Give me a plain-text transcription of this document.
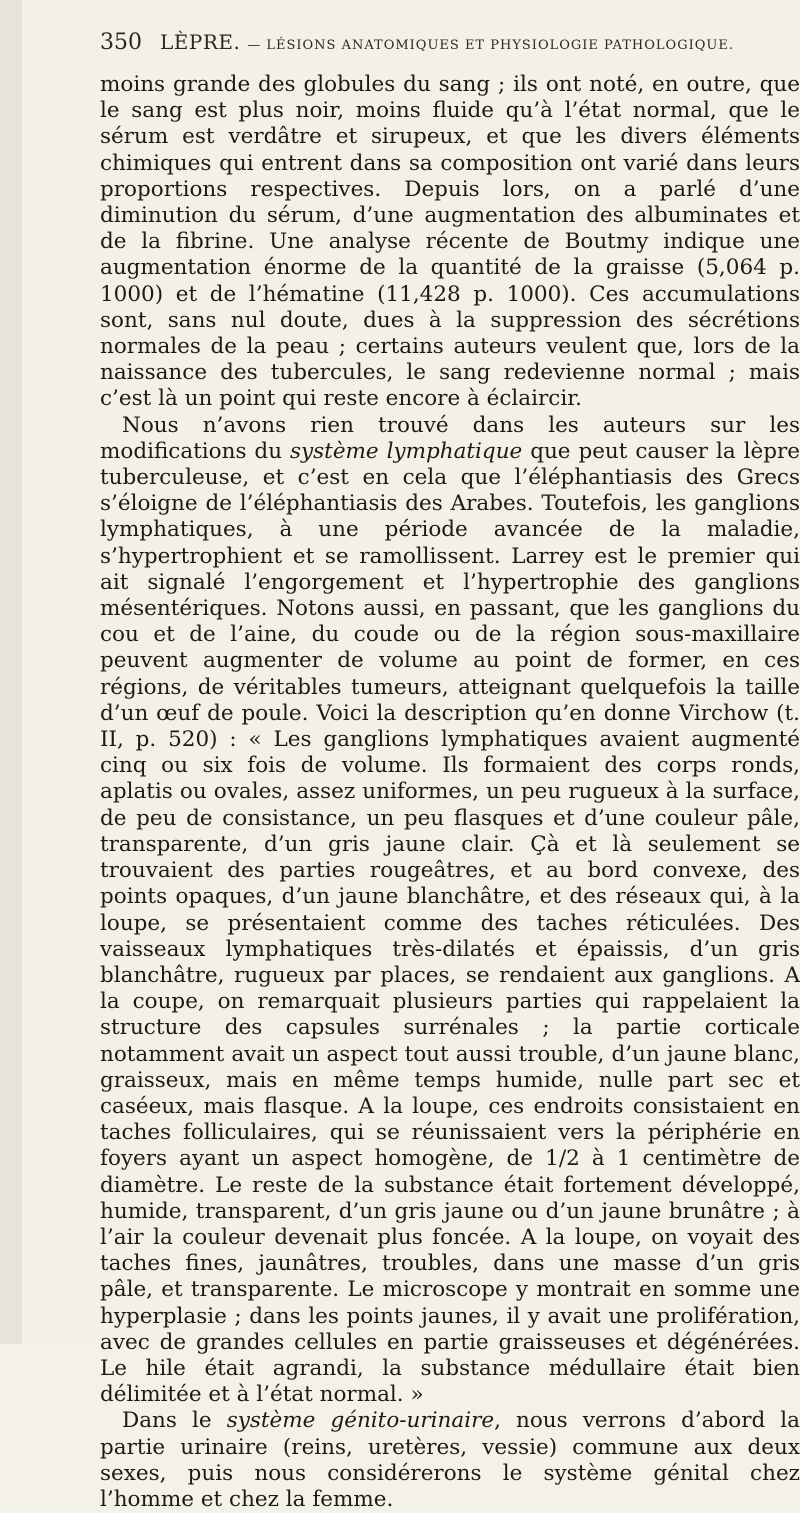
350 LÈPRE. — LÉSIONS ANATOMIQUES ET PHYSIOLOGIE PATHOLOGIQUE.

moins grande des globules du sang ; ils ont noté, en outre, que le sang est plus noir, moins fluide qu’à l’état normal, que le sérum est verdâtre et sirupeux, et que les divers éléments chimiques qui entrent dans sa composition ont varié dans leurs proportions respectives. Depuis lors, on a parlé d’une diminution du sérum, d’une augmentation des albuminates et de la fibrine. Une analyse récente de Boutmy indique une augmentation énorme de la quantité de la graisse (5,064 p. 1000) et de l’hématine (11,428 p. 1000). Ces accumulations sont, sans nul doute, dues à la suppression des sécrétions normales de la peau ; certains auteurs veulent que, lors de la naissance des tubercules, le sang redevienne normal ; mais c’est là un point qui reste encore à éclaircir.

Nous n’avons rien trouvé dans les auteurs sur les modifications du système lymphatique que peut causer la lèpre tuberculeuse, et c’est en cela que l’éléphantiasis des Grecs s’éloigne de l’éléphantiasis des Arabes. Toutefois, les ganglions lymphatiques, à une période avancée de la maladie, s’hypertrophient et se ramollissent. Larrey est le premier qui ait signalé l’engorgement et l’hypertrophie des ganglions mésentériques. Notons aussi, en passant, que les ganglions du cou et de l’aine, du coude ou de la région sous-maxillaire peuvent augmenter de volume au point de former, en ces régions, de véritables tumeurs, atteignant quelquefois la taille d’un œuf de poule. Voici la description qu’en donne Virchow (t. II, p. 520) : « Les ganglions lymphatiques avaient augmenté cinq ou six fois de volume. Ils formaient des corps ronds, aplatis ou ovales, assez uniformes, un peu rugueux à la surface, de peu de consistance, un peu flasques et d’une couleur pâle, transparente, d’un gris jaune clair. Çà et là seulement se trouvaient des parties rougeâtres, et au bord convexe, des points opaques, d’un jaune blanchâtre, et des réseaux qui, à la loupe, se présentaient comme des taches réticulées. Des vaisseaux lymphatiques très-dilatés et épaissis, d’un gris blanchâtre, rugueux par places, se rendaient aux ganglions. A la coupe, on remarquait plusieurs parties qui rappelaient la structure des capsules surrénales ; la partie corticale notamment avait un aspect tout aussi trouble, d’un jaune blanc, graisseux, mais en même temps humide, nulle part sec et caséeux, mais flasque. A la loupe, ces endroits consistaient en taches folliculaires, qui se réunissaient vers la périphérie en foyers ayant un aspect homogène, de 1/2 à 1 centimètre de diamètre. Le reste de la substance était fortement développé, humide, transparent, d’un gris jaune ou d’un jaune brunâtre ; à l’air la couleur devenait plus foncée. A la loupe, on voyait des taches fines, jaunâtres, troubles, dans une masse d’un gris pâle, et transparente. Le microscope y montrait en somme une hyperplasie ; dans les points jaunes, il y avait une prolifération, avec de grandes cellules en partie graisseuses et dégénérées. Le hile était agrandi, la substance médullaire était bien délimitée et à l’état normal. »

Dans le système génito-urinaire, nous verrons d’abord la partie urinaire (reins, uretères, vessie) commune aux deux sexes, puis nous considérerons le système génital chez l’homme et chez la femme.
